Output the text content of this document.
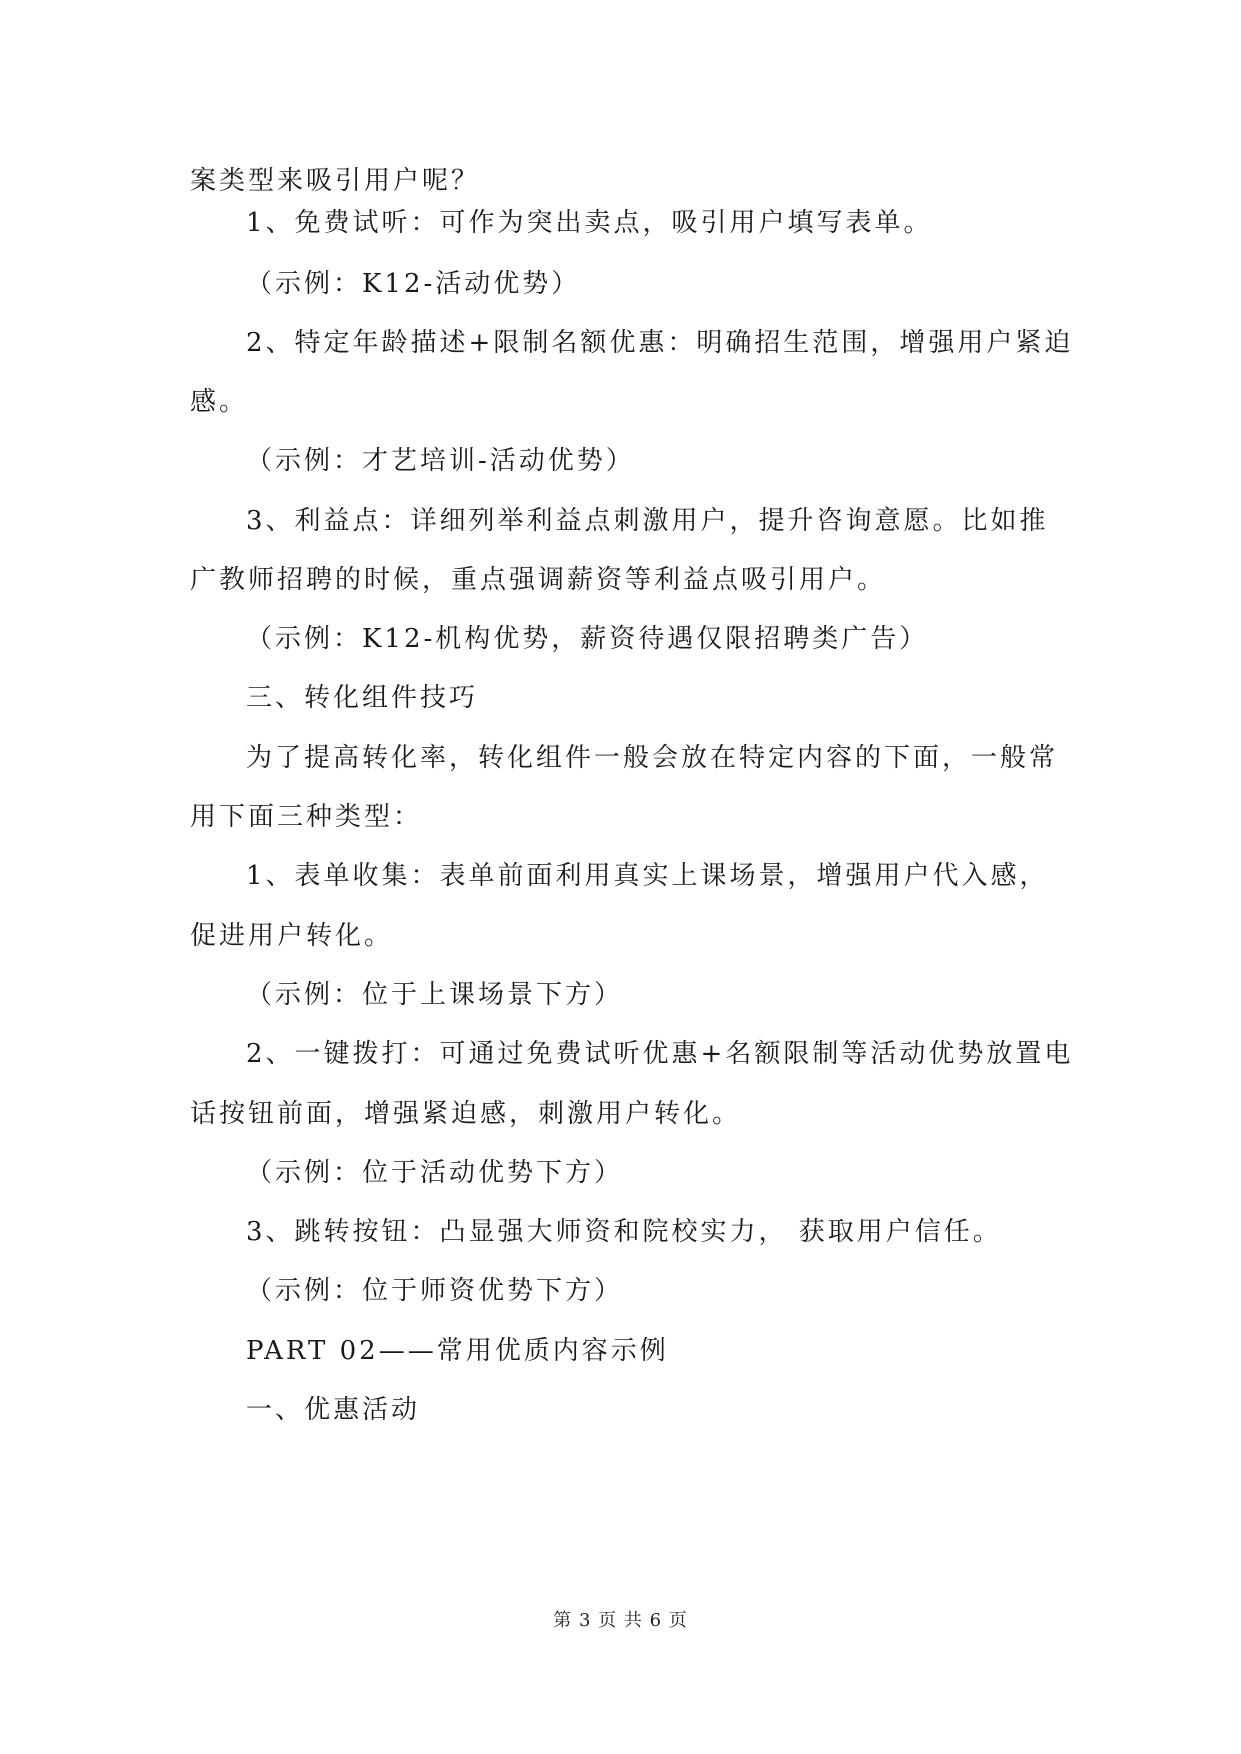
案类型来吸引用户呢？
1、免费试听：可作为突出卖点，吸引用户填写表单。
（示例：K12-活动优势）
2、特定年龄描述+限制名额优惠：明确招生范围，增强用户紧迫
感。
（示例：才艺培训-活动优势）
3、利益点：详细列举利益点刺激用户，提升咨询意愿。比如推
广教师招聘的时候，重点强调薪资等利益点吸引用户。
（示例：K12-机构优势，薪资待遇仅限招聘类广告）
三、转化组件技巧
为了提高转化率，转化组件一般会放在特定内容的下面，一般常
用下面三种类型：
1、表单收集：表单前面利用真实上课场景，增强用户代入感，
促进用户转化。
（示例：位于上课场景下方）
2、一键拨打：可通过免费试听优惠+名额限制等活动优势放置电
话按钮前面，增强紧迫感，刺激用户转化。
（示例：位于活动优势下方）
3、跳转按钮：凸显强大师资和院校实力， 获取用户信任。
（示例：位于师资优势下方）
PART 02——常用优质内容示例
一、优惠活动
第 3 页 共 6 页
